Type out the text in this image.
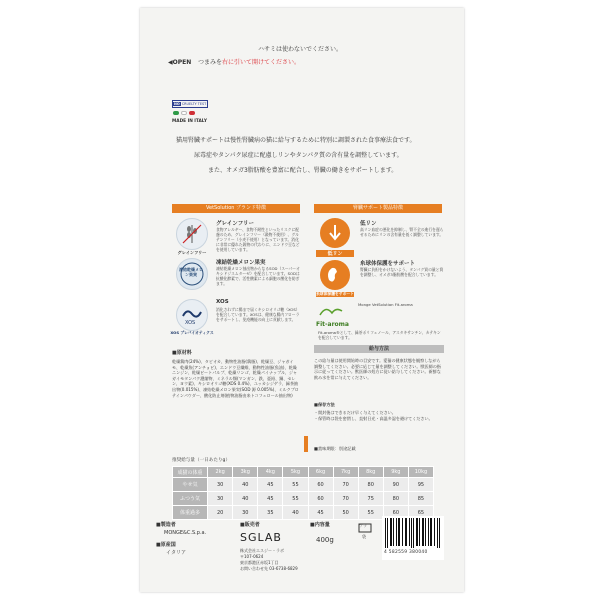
ハサミは使わないでください。
◀OPEN つまみを右に引いて開けてください。
NO CRUELTY TEST
MADE IN ITALY
猫用腎臓サポートは慢性腎臓病の猫に給与するために特別に調製された食事療法食です。
尿毒症やタンパク尿症に配慮しリンやタンパク質の含有量を調整しています。
また、オメガ3脂肪酸を豊富に配合し、腎臓の働きをサポートします。
VetSolution ブランド特徴	腎臓サポート製品特徴
グレインフリー
グレインフリー
食物アレルギー、食物不耐性といったリスクに配慮のため、グレインフリー（穀物不使用）、グルテンフリー（小麦不使用）となっています。消化に非常に優れた穀物の代わりに、エンドウ豆などを使用しています。
凍結乾燥メロン果実
凍結乾燥メロン果実
凍結乾燥メロン抽出物からなるSOD（スーパーオキシドジスムターゼ）を配合しています。SODは抗酸化酵素で、活性酸素による細胞の酸化を防ぎます。
XOS
XOS プレバイオティクス
XOS
消化されずに腸まで届くキシロオリゴ糖（XOS）を配合しています。XOSは、健康な腸内フローラをサポートし、免疫機能の向上に貢献します。
低リン
低リン
高リン血症の悪化を抑制し、腎不全の進行を遅らせるためにリンの含有量を低く調整しています。
糸球体保護をサポート
糸球体保護をサポート
腎臓に負担をかけないよう、タンパク質の量と質を調整し、オメガ3脂肪酸を配合しています。
Fit-aroma
Monge VetSolution Fit-aroma
Fit-aroma®として、緑茶ポリフェノール、アスタキサンチン、カテキンを配合しています。
■原材料
乾燥鶏肉(24%)、タピオカ、動物性油脂(鶏脂)、乾燥豆、ジャガイモ、乾燥魚(アンチョビ)、エンドウ豆繊維、動物性油脂(魚油)、乾燥ニンジン、乾燥ビートパルプ、乾燥リンゴ、乾燥パイナップル、ジャガイモタンパク濃縮物、ミネラル類(マンガン、鉄、亜鉛、銅、セレン、ヨウ素)、キシロオリゴ糖(XOS 0.4%)、ユッカシジゲラ、緑茶抽出物(0.015%)、凍結乾燥メロン果実(SOD 源 0.005%)、ミルクプロテインパウダー、酸化防止剤(植物油脂由来トコフェロール抽出物)
給与方法
この給与量は使用開始時の目安です。愛猫の健康状態を観察しながら調整してください。必要に応じて量を調整してください。獣医師の指示に従ってください。獣医師の処方に従い給与してください。新鮮な飲み水を常に与えてください。
■保存方法
・開封後はできるだけ早く与えてください。
・保管時は袋を密閉し、直射日光・高温多湿を避けてください。
■賞味期限：別途記載
推奨給与量（一日あたりg）
成猫の体重	2kg	3kg	4kg	5kg	6kg	7kg	8kg	9kg	10kg
やせ気	30	40	45	55	60	70	80	90	95
ふつう気	30	40	45	55	60	70	75	80	85
体重過多	20	30	35	40	45	50	55	60	65
■製造者
MONGE&C.S.p.a.
■原産国
イタリア
■販売者
SGLAB
株式会社エスジー・ラボ
〒107-0624
東京都港区赤坂1丁目
お問い合わせ先 03-6738-6829
■内容量
400g
プラ
袋
4 582559 380040
